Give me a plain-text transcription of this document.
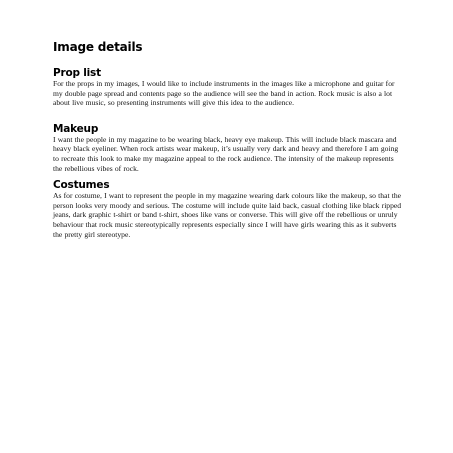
Image details
Prop list

For the props in my images, I would like to include instruments in the images like a microphone and guitar for my double page spread and contents page so the audience will see the band in action. Rock music is also a lot about live music, so presenting instruments will give this idea to the audience.

Makeup

I want the people in my magazine to be wearing black, heavy eye makeup. This will include black mascara and heavy black eyeliner. When rock artists wear makeup, it’s usually very dark and heavy and therefore I am going to recreate this look to make my magazine appeal to the rock audience. The intensity of the makeup represents the rebellious vibes of rock.

Costumes

As for costume, I want to represent the people in my magazine wearing dark colours like the makeup, so that the person looks very moody and serious. The costume will include quite laid back, casual clothing like black ripped jeans, dark graphic t-shirt or band t-shirt, shoes like vans or converse. This will give off the rebellious or unruly behaviour that rock music stereotypically represents especially since I will have girls wearing this as it subverts the pretty girl stereotype.
